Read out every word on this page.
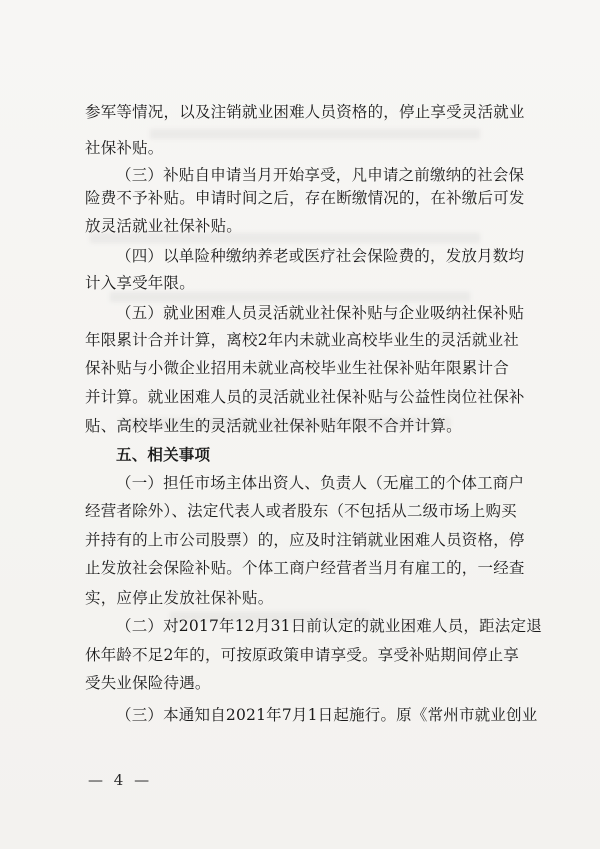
参军等情况，以及注销就业困难人员资格的，停止享受灵活就业
社保补贴。
（三）补贴自申请当月开始享受，凡申请之前缴纳的社会保
险费不予补贴。申请时间之后，存在断缴情况的，在补缴后可发
放灵活就业社保补贴。
（四）以单险种缴纳养老或医疗社会保险费的，发放月数均
计入享受年限。
（五）就业困难人员灵活就业社保补贴与企业吸纳社保补贴
年限累计合并计算，离校2年内未就业高校毕业生的灵活就业社
保补贴与小微企业招用未就业高校毕业生社保补贴年限累计合
并计算。就业困难人员的灵活就业社保补贴与公益性岗位社保补
贴、高校毕业生的灵活就业社保补贴年限不合并计算。
五、相关事项
（一）担任市场主体出资人、负责人（无雇工的个体工商户
经营者除外）、法定代表人或者股东（不包括从二级市场上购买
并持有的上市公司股票）的，应及时注销就业困难人员资格，停
止发放社会保险补贴。个体工商户经营者当月有雇工的，一经查
实，应停止发放社保补贴。
（二）对2017年12月31日前认定的就业困难人员，距法定退
休年龄不足2年的，可按原政策申请享受。享受补贴期间停止享
受失业保险待遇。
（三）本通知自2021年7月1日起施行。原《常州市就业创业
— 4 —
